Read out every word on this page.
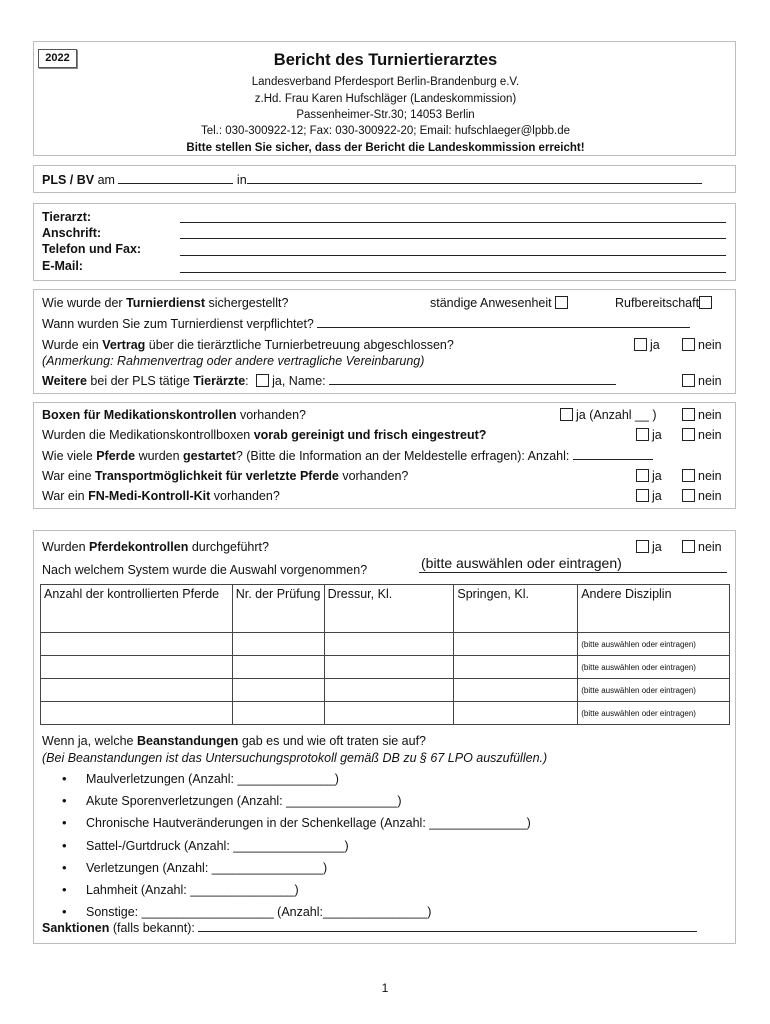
2022	Bericht des Turniertierarztes
Landesverband Pferdesport Berlin-Brandenburg e.V.
z.Hd. Frau Karen Hufschläger (Landeskommission)
Passenheimer-Str.30; 14053 Berlin
Tel.: 030-300922-12; Fax: 030-300922-20; Email: hufschlaeger@lpbb.de
Bitte stellen Sie sicher, dass der Bericht die Landeskommission erreicht!
PLS / BV am	in
Tierarzt:
Anschrift:
Telefon und Fax:
E-Mail:
Wie wurde der Turnierdienst sichergestellt?	ständige Anwesenheit	Rufbereitschaft
Wann wurden Sie zum Turnierdienst verpflichtet?
Wurde ein Vertrag über die tierärztliche Turnierbetreuung abgeschlossen?	ja	nein
(Anmerkung: Rahmenvertrag oder andere vertragliche Vereinbarung)
Weitere bei der PLS tätige Tierärzte: ja, Name:	nein
Boxen für Medikationskontrollen vorhanden?	ja (Anzahl __ )	nein
Wurden die Medikationskontrollboxen vorab gereinigt und frisch eingestreut?	ja	nein
Wie viele Pferde wurden gestartet? (Bitte die Information an der Meldestelle erfragen): Anzahl:
War eine Transportmöglichkeit für verletzte Pferde vorhanden?	ja	nein
War ein FN-Medi-Kontroll-Kit vorhanden?	ja	nein
Wurden Pferdekontrollen durchgeführt?	ja	nein
Nach welchem System wurde die Auswahl vorgenommen?	(bitte auswählen oder eintragen)
Anzahl der kontrollierten Pferde	Nr. der Prüfung	Dressur, Kl.	Springen, Kl.	Andere Disziplin
				(bitte auswählen oder eintragen)
				(bitte auswählen oder eintragen)
				(bitte auswählen oder eintragen)
				(bitte auswählen oder eintragen)
Wenn ja, welche Beanstandungen gab es und wie oft traten sie auf?
(Bei Beanstandungen ist das Untersuchungsprotokoll gemäß DB zu § 67 LPO auszufüllen.)
• Maulverletzungen (Anzahl: ______________)
• Akute Sporenverletzungen (Anzahl: ________________)
• Chronische Hautveränderungen in der Schenkellage (Anzahl: ______________)
• Sattel-/Gurtdruck (Anzahl: ________________)
• Verletzungen (Anzahl: ________________)
• Lahmheit (Anzahl: _______________)
• Sonstige: ___________________ (Anzahl:_______________)
Sanktionen (falls bekannt):
1
